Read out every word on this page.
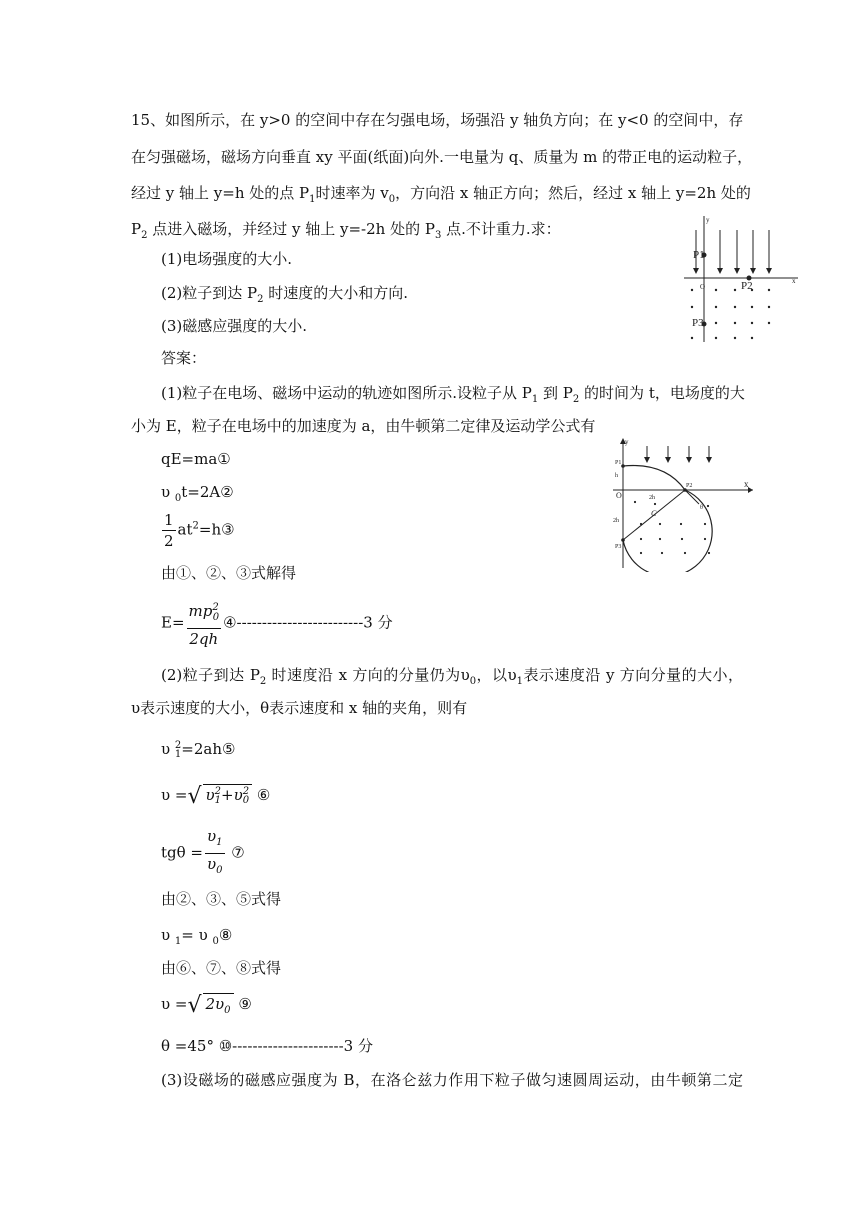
15、如图所示，在 y>0 的空间中存在匀强电场，场强沿 y 轴负方向；在 y<0 的空间中，存
在匀强磁场，磁场方向垂直 xy 平面(纸面)向外.一电量为 q、质量为 m 的带正电的运动粒子，
经过 y 轴上 y=h 处的点 $P_1$时速率为 $v_0$，方向沿 x 轴正方向；然后，经过 x 轴上 y=2h 处的
$P_2$ 点进入磁场，并经过 y 轴上 y=-2h 处的 $P_3$ 点.不计重力.求：
(1)电场强度的大小.
(2)粒子到达 $P_2$ 时速度的大小和方向.
(3)磁感应强度的大小.
P1
P2
P3
O
x
y
答案：
(1)粒子在电场、磁场中运动的轨迹如图所示.设粒子从 $P_1$ 到 $P_2$ 的时间为 t，电场度的大
小为 E，粒子在电场中的加速度为 a，由牛顿第二定律及运动学公式有
P1
P2
P3
O
h
2h
2h
C
θ
x
y
qE=ma①
υ $_0$t=2A②
$\frac{1}{2}$ $at^2=h③$
由①、②、③式解得
$E= \frac{mp^2_0}{2qh}$ ④-------------------------3 分
(2)粒子到达 $P_2$ 时速度沿 x 方向的分量仍为$\upsilon_0$，以$\upsilon_1$表示速度沿 y 方向分量的大小，
υ表示速度的大小，θ表示速度和 x 轴的夹角，则有
υ 2
1 =2ah⑤
υ =√ υ 2
1 +υ 2
0 ⑥
$tg\theta = \frac{\upsilon_1}{\upsilon_0}$ ⑦
由②、③、⑤式得
υ $_1$= υ $_0$⑧
由⑥、⑦、⑧式得
υ =√ $2\upsilon_0$ ⑨
θ =45° ⑩----------------------3 分
(3)设磁场的磁感应强度为 B，在洛仑兹力作用下粒子做匀速圆周运动，由牛顿第二定
